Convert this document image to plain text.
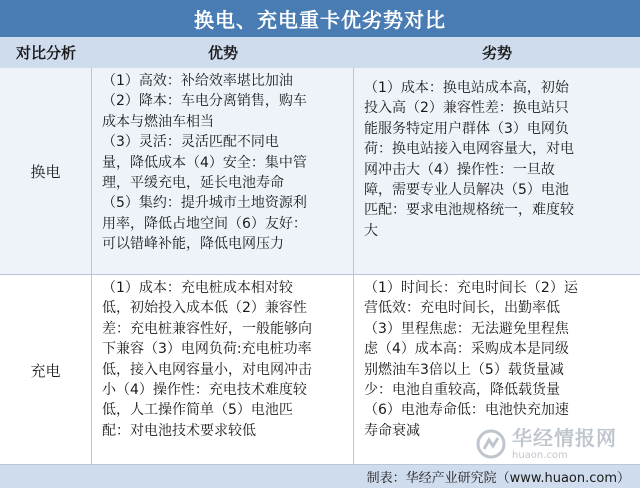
换电、充电重卡优劣势对比
对比分析	优势	劣势
换电
（1）高效：补给效率堪比加油
（2）降本：车电分离销售，购车
成本与燃油车相当
（3）灵活：灵活匹配不同电
量，降低成本（4）安全：集中管
理，平缓充电，延长电池寿命
（5）集约：提升城市土地资源利
用率，降低占地空间（6）友好：
可以错峰补能，降低电网压力
（1）成本：换电站成本高，初始
投入高（2）兼容性差：换电站只
能服务特定用户群体（3）电网负
荷：换电站接入电网容量大，对电
网冲击大（4）操作性：一旦故
障，需要专业人员解决（5）电池
匹配：要求电池规格统一，难度较
大
充电
（1）成本：充电桩成本相对较
低，初始投入成本低（2）兼容性
差：充电桩兼容性好，一般能够向
下兼容（3）电网负荷:充电桩功率
低，接入电网容量小，对电网冲击
小（4）操作性：充电技术难度较
低，人工操作简单（5）电池匹
配：对电池技术要求较低
（1）时间长：充电时间长（2）运
营低效：充电时间长，出勤率低
（3）里程焦虑：无法避免里程焦
虑（4）成本高：采购成本是同级
别燃油车3倍以上（5）载货量减
少：电池自重较高，降低载货量
（6）电池寿命低：电池快充加速
寿命衰减
制表：华经产业研究院（www.huaon.com）
华经情报网
huaon.com
